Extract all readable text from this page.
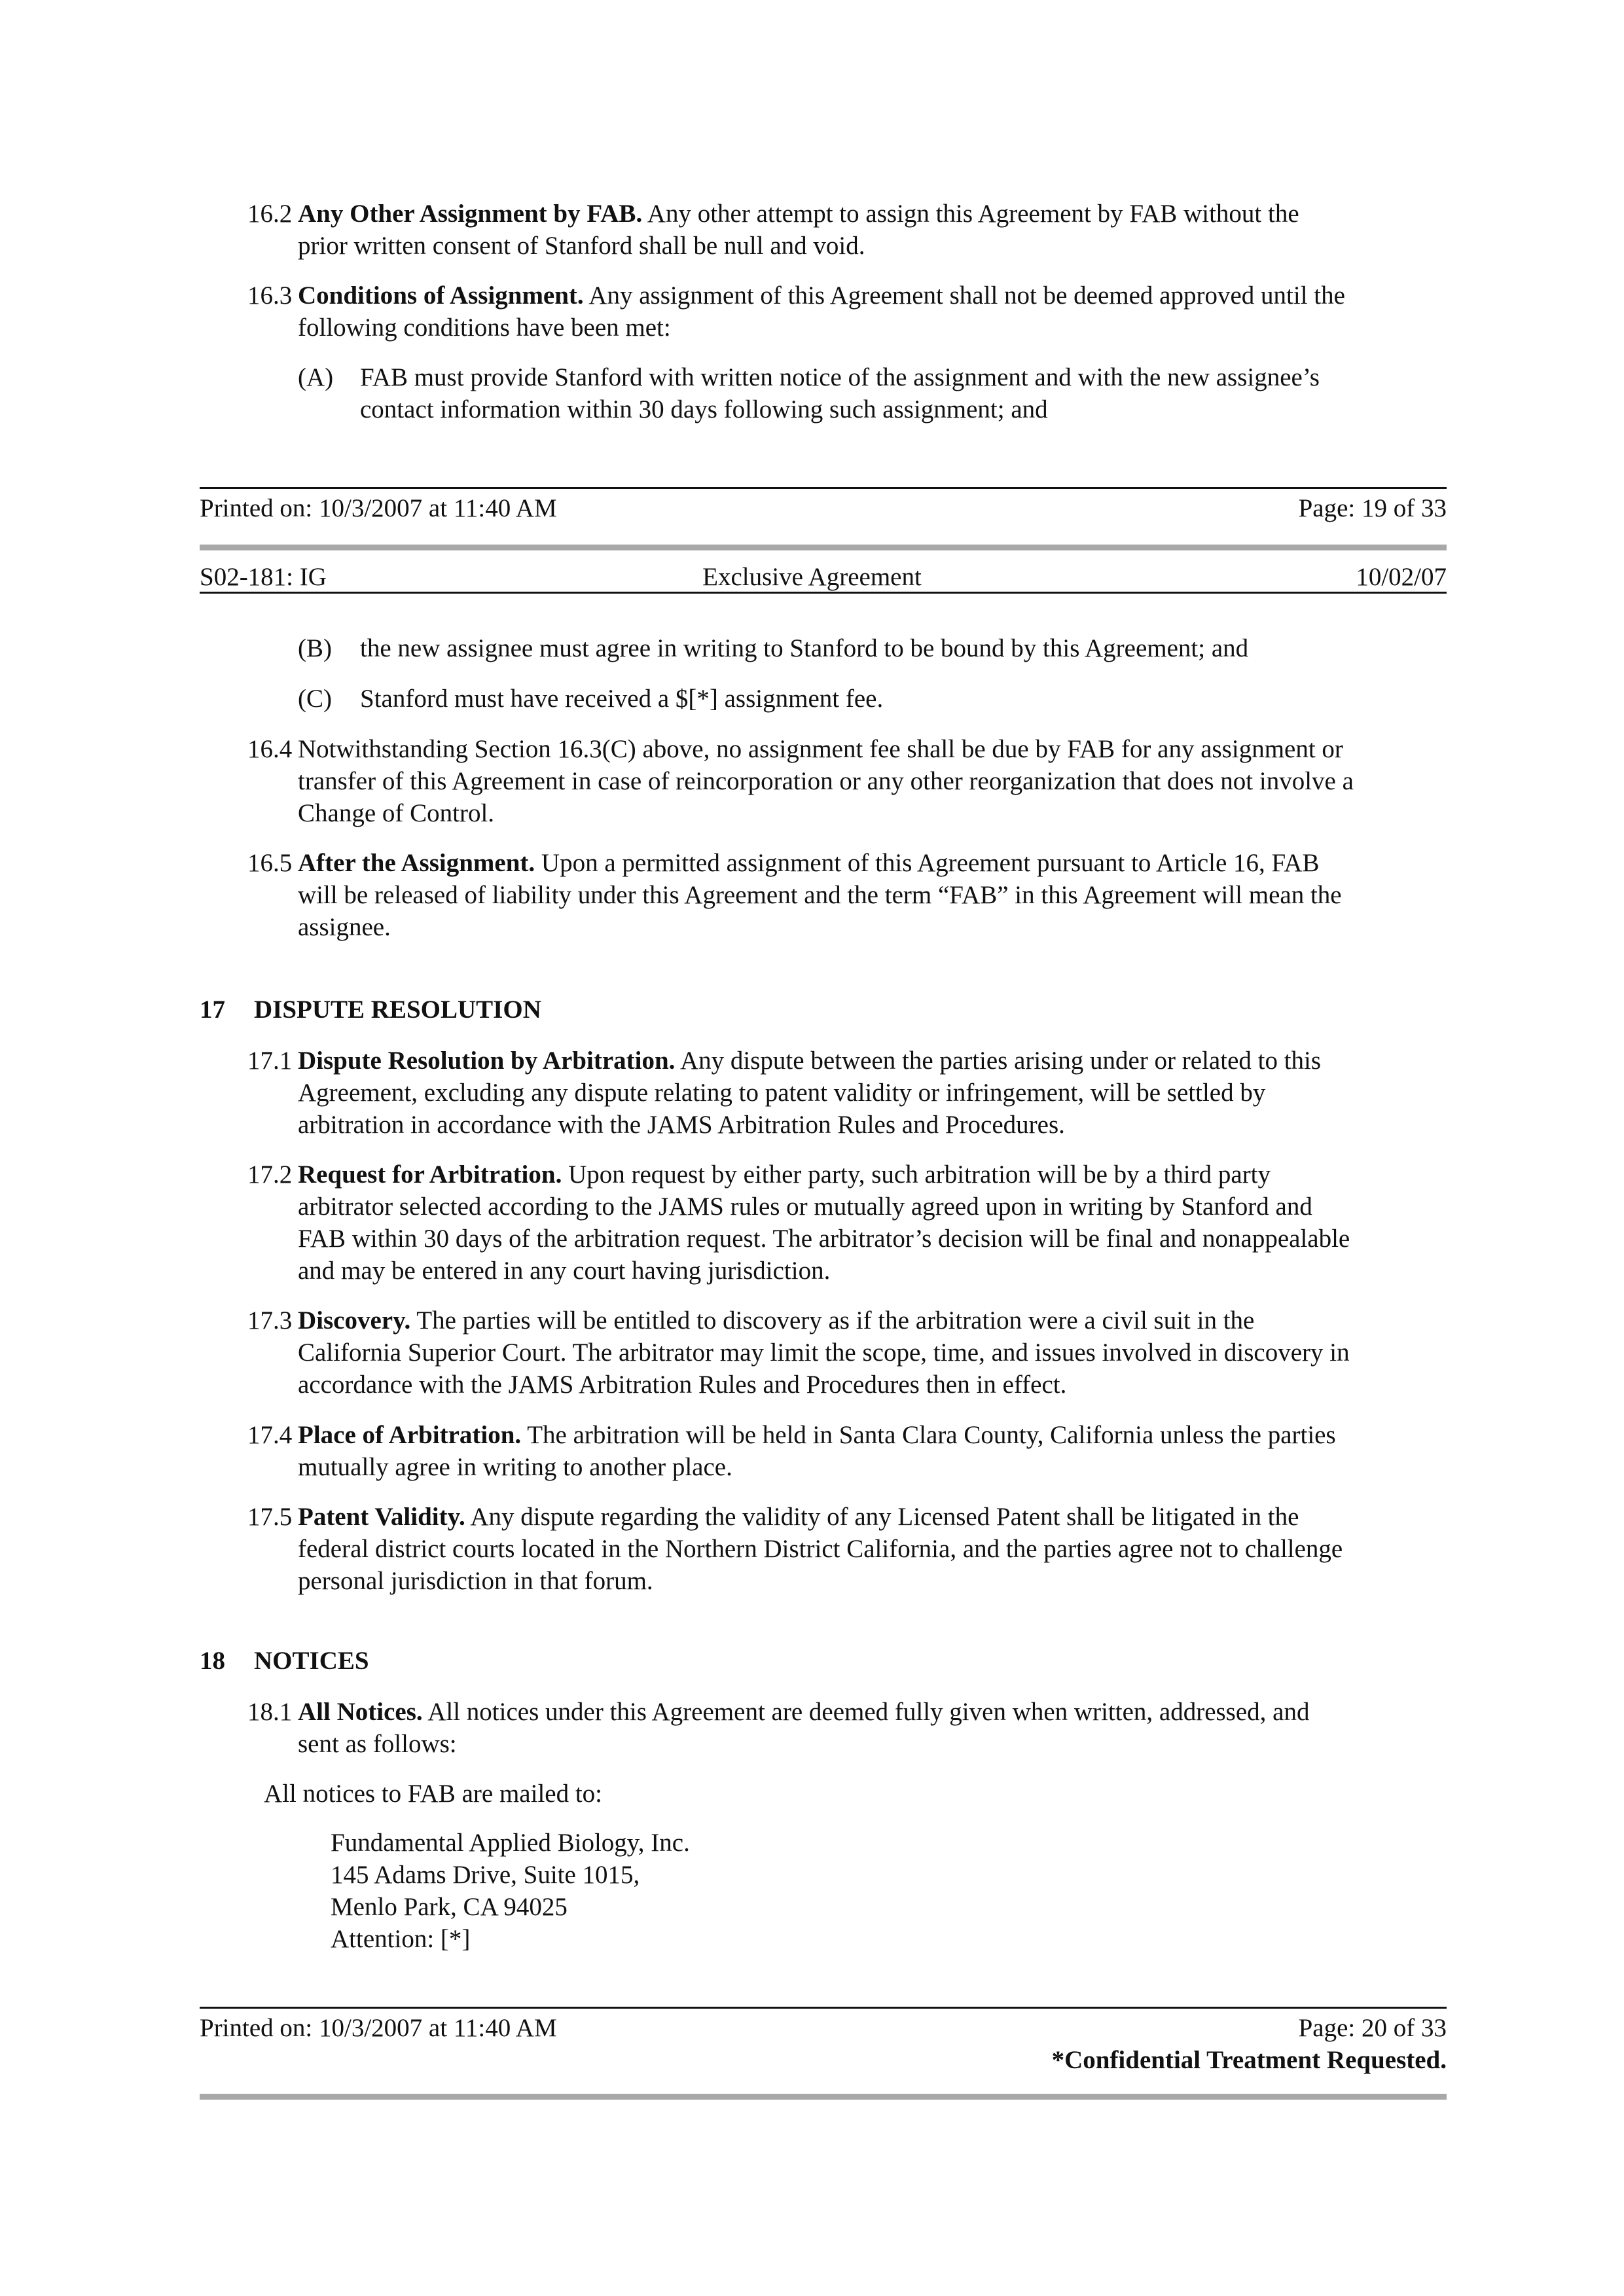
16.2 Any Other Assignment by FAB. Any other attempt to assign this Agreement by FAB without the
prior written consent of Stanford shall be null and void.
16.3 Conditions of Assignment. Any assignment of this Agreement shall not be deemed approved until the
following conditions have been met:
(A) FAB must provide Stanford with written notice of the assignment and with the new assignee’s
contact information within 30 days following such assignment; and
Printed on: 10/3/2007 at 11:40 AM	Page: 19 of 33
S02-181: IG	Exclusive Agreement	10/02/07
(B) the new assignee must agree in writing to Stanford to be bound by this Agreement; and
(C) Stanford must have received a $[*] assignment fee.
16.4 Notwithstanding Section 16.3(C) above, no assignment fee shall be due by FAB for any assignment or
transfer of this Agreement in case of reincorporation or any other reorganization that does not involve a
Change of Control.
16.5 After the Assignment. Upon a permitted assignment of this Agreement pursuant to Article 16, FAB
will be released of liability under this Agreement and the term “FAB” in this Agreement will mean the
assignee.
17 DISPUTE RESOLUTION
17.1 Dispute Resolution by Arbitration. Any dispute between the parties arising under or related to this
Agreement, excluding any dispute relating to patent validity or infringement, will be settled by
arbitration in accordance with the JAMS Arbitration Rules and Procedures.
17.2 Request for Arbitration. Upon request by either party, such arbitration will be by a third party
arbitrator selected according to the JAMS rules or mutually agreed upon in writing by Stanford and
FAB within 30 days of the arbitration request. The arbitrator’s decision will be final and nonappealable
and may be entered in any court having jurisdiction.
17.3 Discovery. The parties will be entitled to discovery as if the arbitration were a civil suit in the
California Superior Court. The arbitrator may limit the scope, time, and issues involved in discovery in
accordance with the JAMS Arbitration Rules and Procedures then in effect.
17.4 Place of Arbitration. The arbitration will be held in Santa Clara County, California unless the parties
mutually agree in writing to another place.
17.5 Patent Validity. Any dispute regarding the validity of any Licensed Patent shall be litigated in the
federal district courts located in the Northern District California, and the parties agree not to challenge
personal jurisdiction in that forum.
18 NOTICES
18.1 All Notices. All notices under this Agreement are deemed fully given when written, addressed, and
sent as follows:
All notices to FAB are mailed to:
Fundamental Applied Biology, Inc.
145 Adams Drive, Suite 1015,
Menlo Park, CA 94025
Attention: [*]
Printed on: 10/3/2007 at 11:40 AM	Page: 20 of 33
*Confidential Treatment Requested.
